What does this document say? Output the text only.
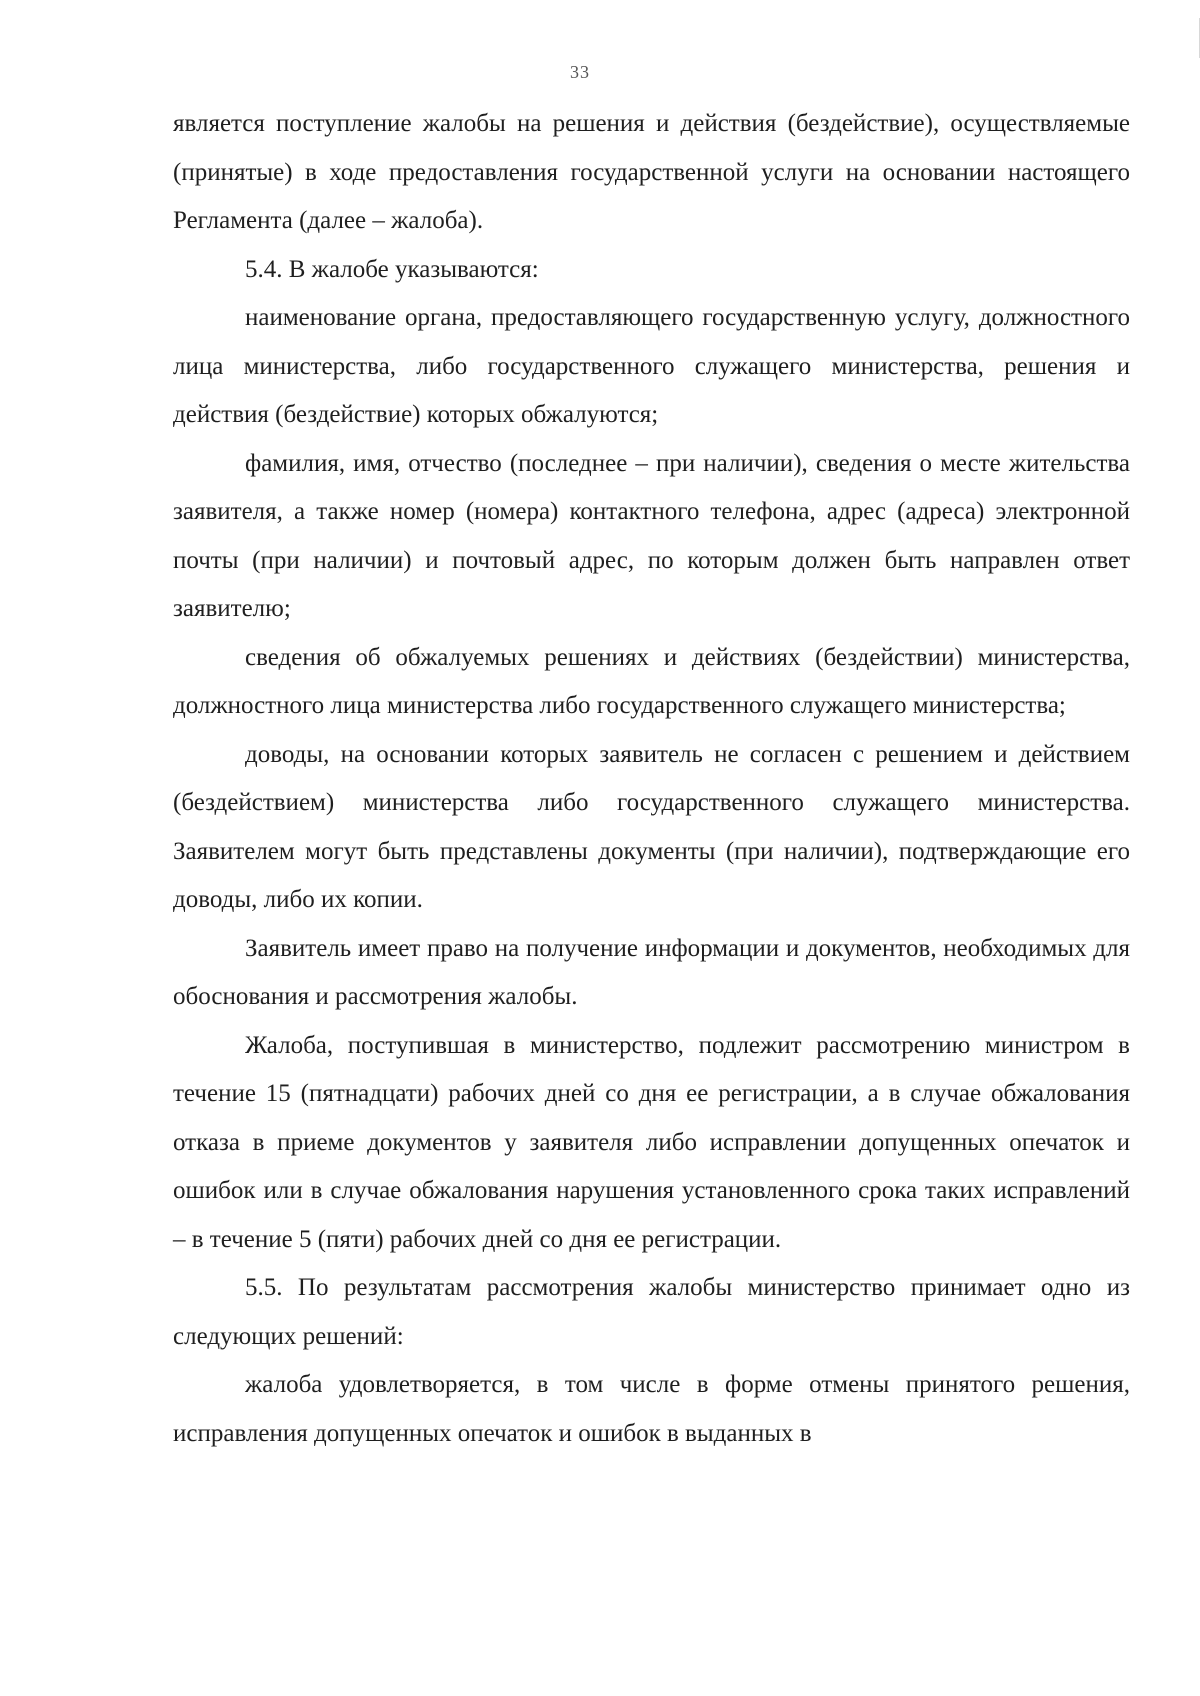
33

является поступление жалобы на решения и действия (бездействие), осуществляемые (принятые) в ходе предоставления государственной услуги на основании настоящего Регламента (далее – жалоба).

5.4. В жалобе указываются:

наименование органа, предоставляющего государственную услугу, должностного лица министерства, либо государственного служащего министерства, решения и действия (бездействие) которых обжалуются;

фамилия, имя, отчество (последнее – при наличии), сведения о месте жительства заявителя, а также номер (номера) контактного телефона, адрес (адреса) электронной почты (при наличии) и почтовый адрес, по которым должен быть направлен ответ заявителю;

сведения об обжалуемых решениях и действиях (бездействии) министерства, должностного лица министерства либо государственного служащего министерства;

доводы, на основании которых заявитель не согласен с решением и действием (бездействием) министерства либо государственного служащего министерства. Заявителем могут быть представлены документы (при наличии), подтверждающие его доводы, либо их копии.

Заявитель имеет право на получение информации и документов, необходимых для обоснования и рассмотрения жалобы.

Жалоба, поступившая в министерство, подлежит рассмотрению министром в течение 15 (пятнадцати) рабочих дней со дня ее регистрации, а в случае обжалования отказа в приеме документов у заявителя либо исправлении допущенных опечаток и ошибок или в случае обжалования нарушения установленного срока таких исправлений – в течение 5 (пяти) рабочих дней со дня ее регистрации.

5.5. По результатам рассмотрения жалобы министерство принимает одно из следующих решений:

жалоба удовлетворяется, в том числе в форме отмены принятого решения, исправления допущенных опечаток и ошибок в выданных в
